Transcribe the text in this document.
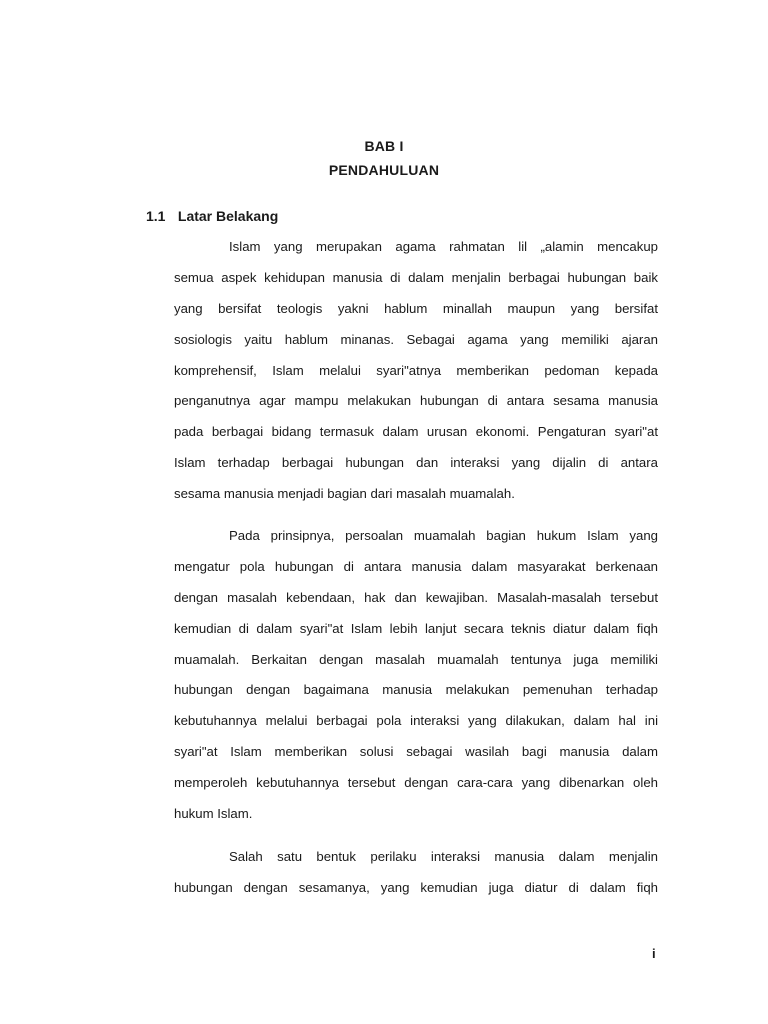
BAB I
PENDAHULUAN
1.1 Latar Belakang
Islam yang merupakan agama rahmatan lil „alamin mencakup
semua aspek kehidupan manusia di dalam menjalin berbagai hubungan baik
yang bersifat teologis yakni hablum minallah maupun yang bersifat
sosiologis yaitu hablum minanas. Sebagai agama yang memiliki ajaran
komprehensif, Islam melalui syari"atnya memberikan pedoman kepada
penganutnya agar mampu melakukan hubungan di antara sesama manusia
pada berbagai bidang termasuk dalam urusan ekonomi. Pengaturan syari"at
Islam terhadap berbagai hubungan dan interaksi yang dijalin di antara
sesama manusia menjadi bagian dari masalah muamalah.
Pada prinsipnya, persoalan muamalah bagian hukum Islam yang
mengatur pola hubungan di antara manusia dalam masyarakat berkenaan
dengan masalah kebendaan, hak dan kewajiban. Masalah-masalah tersebut
kemudian di dalam syari"at Islam lebih lanjut secara teknis diatur dalam fiqh
muamalah. Berkaitan dengan masalah muamalah tentunya juga memiliki
hubungan dengan bagaimana manusia melakukan pemenuhan terhadap
kebutuhannya melalui berbagai pola interaksi yang dilakukan, dalam hal ini
syari"at Islam memberikan solusi sebagai wasilah bagi manusia dalam
memperoleh kebutuhannya tersebut dengan cara-cara yang dibenarkan oleh
hukum Islam.
Salah satu bentuk perilaku interaksi manusia dalam menjalin
hubungan dengan sesamanya, yang kemudian juga diatur di dalam fiqh
i
